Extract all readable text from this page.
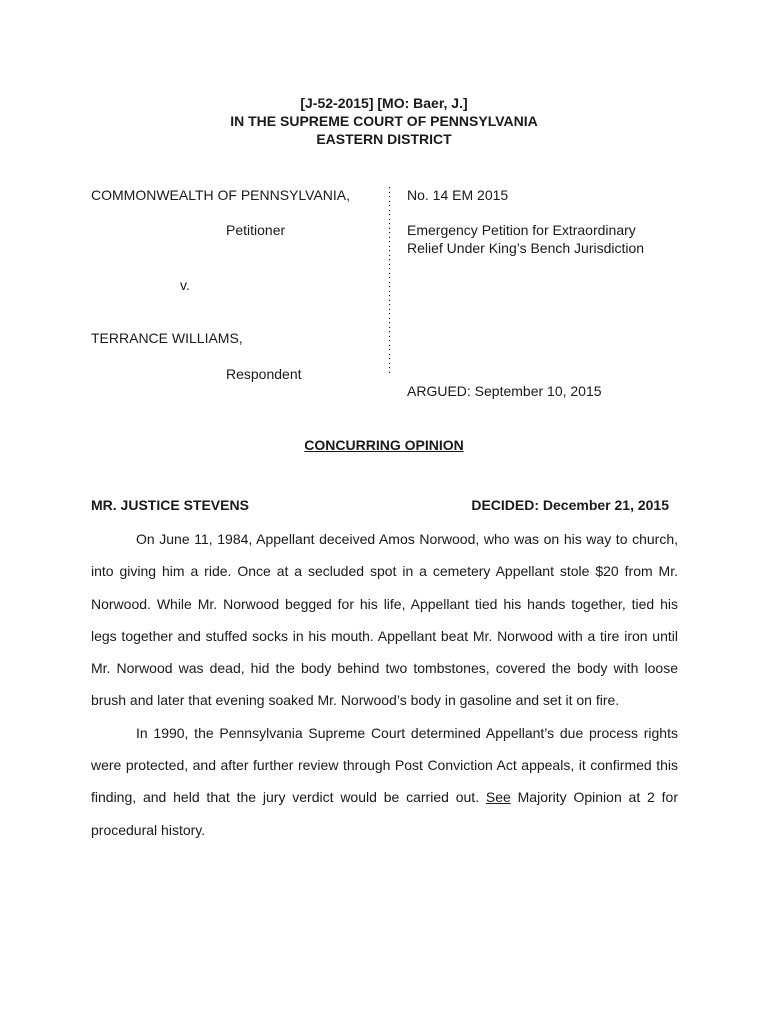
[J-52-2015] [MO: Baer, J.]
IN THE SUPREME COURT OF PENNSYLVANIA
EASTERN DISTRICT
COMMONWEALTH OF PENNSYLVANIA,
Petitioner
v.
TERRANCE WILLIAMS,
Respondent
:
:
:
:
:
:
:
:
:
:
:
:
:
:
:
:
:
:
:
:
:
No. 14 EM 2015
Emergency Petition for Extraordinary
Relief Under King’s Bench Jurisdiction
ARGUED: September 10, 2015
CONCURRING OPINION
MR. JUSTICE STEVENS	DECIDED: December 21, 2015

On June 11, 1984, Appellant deceived Amos Norwood, who was on his way to church, into giving him a ride. Once at a secluded spot in a cemetery Appellant stole $20 from Mr. Norwood. While Mr. Norwood begged for his life, Appellant tied his hands together, tied his legs together and stuffed socks in his mouth. Appellant beat Mr. Norwood with a tire iron until Mr. Norwood was dead, hid the body behind two tombstones, covered the body with loose brush and later that evening soaked Mr. Norwood’s body in gasoline and set it on fire.

In 1990, the Pennsylvania Supreme Court determined Appellant’s due process rights were protected, and after further review through Post Conviction Act appeals, it confirmed this finding, and held that the jury verdict would be carried out. See Majority Opinion at 2 for procedural history.
